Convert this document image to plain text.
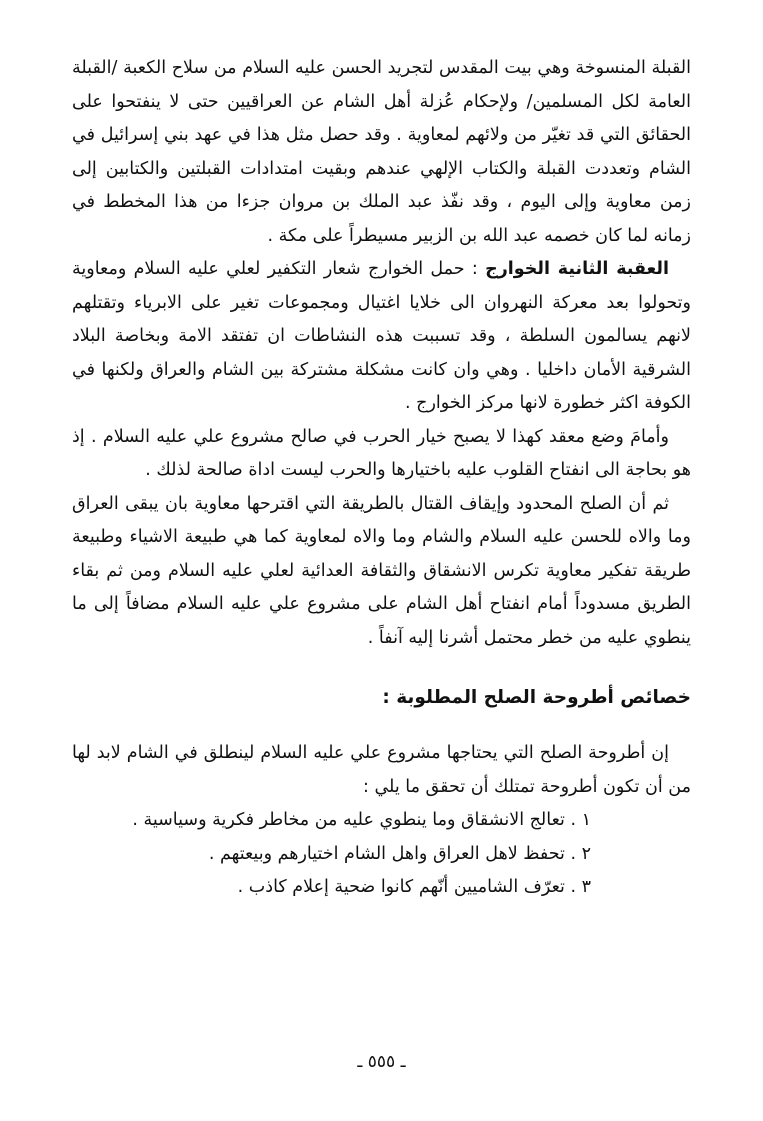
القبلة المنسوخة وهي بيت المقدس لتجريد الحسن عليه السلام من سلاح الكعبة /القبلة العامة لكل المسلمين/ ولإحكام عُزلة أهل الشام عن العراقيين حتى لا ينفتحوا على الحقائق التي قد تغيّر من ولائهم لمعاوية . وقد حصل مثل هذا في عهد بني إسرائيل في الشام وتعددت القبلة والكتاب الإلهي عندهم وبقيت امتدادات القبلتين والكتابين إلى زمن معاوية وإلى اليوم ، وقد نفّذ عبد الملك بن مروان جزءا من هذا المخطط في زمانه لما كان خصمه عبد الله بن الزبير مسيطراً على مكة .

العقبة الثانية الخوارج : حمل الخوارج شعار التكفير لعلي عليه السلام ومعاوية وتحولوا بعد معركة النهروان الى خلايا اغتيال ومجموعات تغير على الابرياء وتقتلهم لانهم يسالمون السلطة ، وقد تسببت هذه النشاطات ان تفتقد الامة وبخاصة البلاد الشرقية الأمان داخليا . وهي وان كانت مشكلة مشتركة بين الشام والعراق ولكنها في الكوفة اكثر خطورة لانها مركز الخوارج .

وأمامَ وضع معقد كهذا لا يصبح خيار الحرب في صالح مشروع علي عليه السلام . إذ هو بحاجة الى انفتاح القلوب عليه باختيارها والحرب ليست اداة صالحة لذلك .

ثم أن الصلح المحدود وإيقاف القتال بالطريقة التي اقترحها معاوية بان يبقى العراق وما والاه للحسن عليه السلام والشام وما والاه لمعاوية كما هي طبيعة الاشياء وطبيعة طريقة تفكير معاوية تكرس الانشقاق والثقافة العدائية لعلي عليه السلام ومن ثم بقاء الطريق مسدوداً أمام انفتاح أهل الشام على مشروع علي عليه السلام مضافاً إلى ما ينطوي عليه من خطر محتمل أشرنا إليه آنفاً .

خصائص أطروحة الصلح المطلوبة :

إن أطروحة الصلح التي يحتاجها مشروع علي عليه السلام لينطلق في الشام لابد لها من أن تكون أطروحة تمتلك أن تحقق ما يلي :

١ . تعالج الانشقاق وما ينطوي عليه من مخاطر فكرية وسياسية .
٢ . تحفظ لاهل العراق واهل الشام اختيارهم وبيعتهم .
٣ . تعرّف الشاميين أنّهم كانوا ضحية إعلام كاذب .
ـ ٥٥٥ ـ
